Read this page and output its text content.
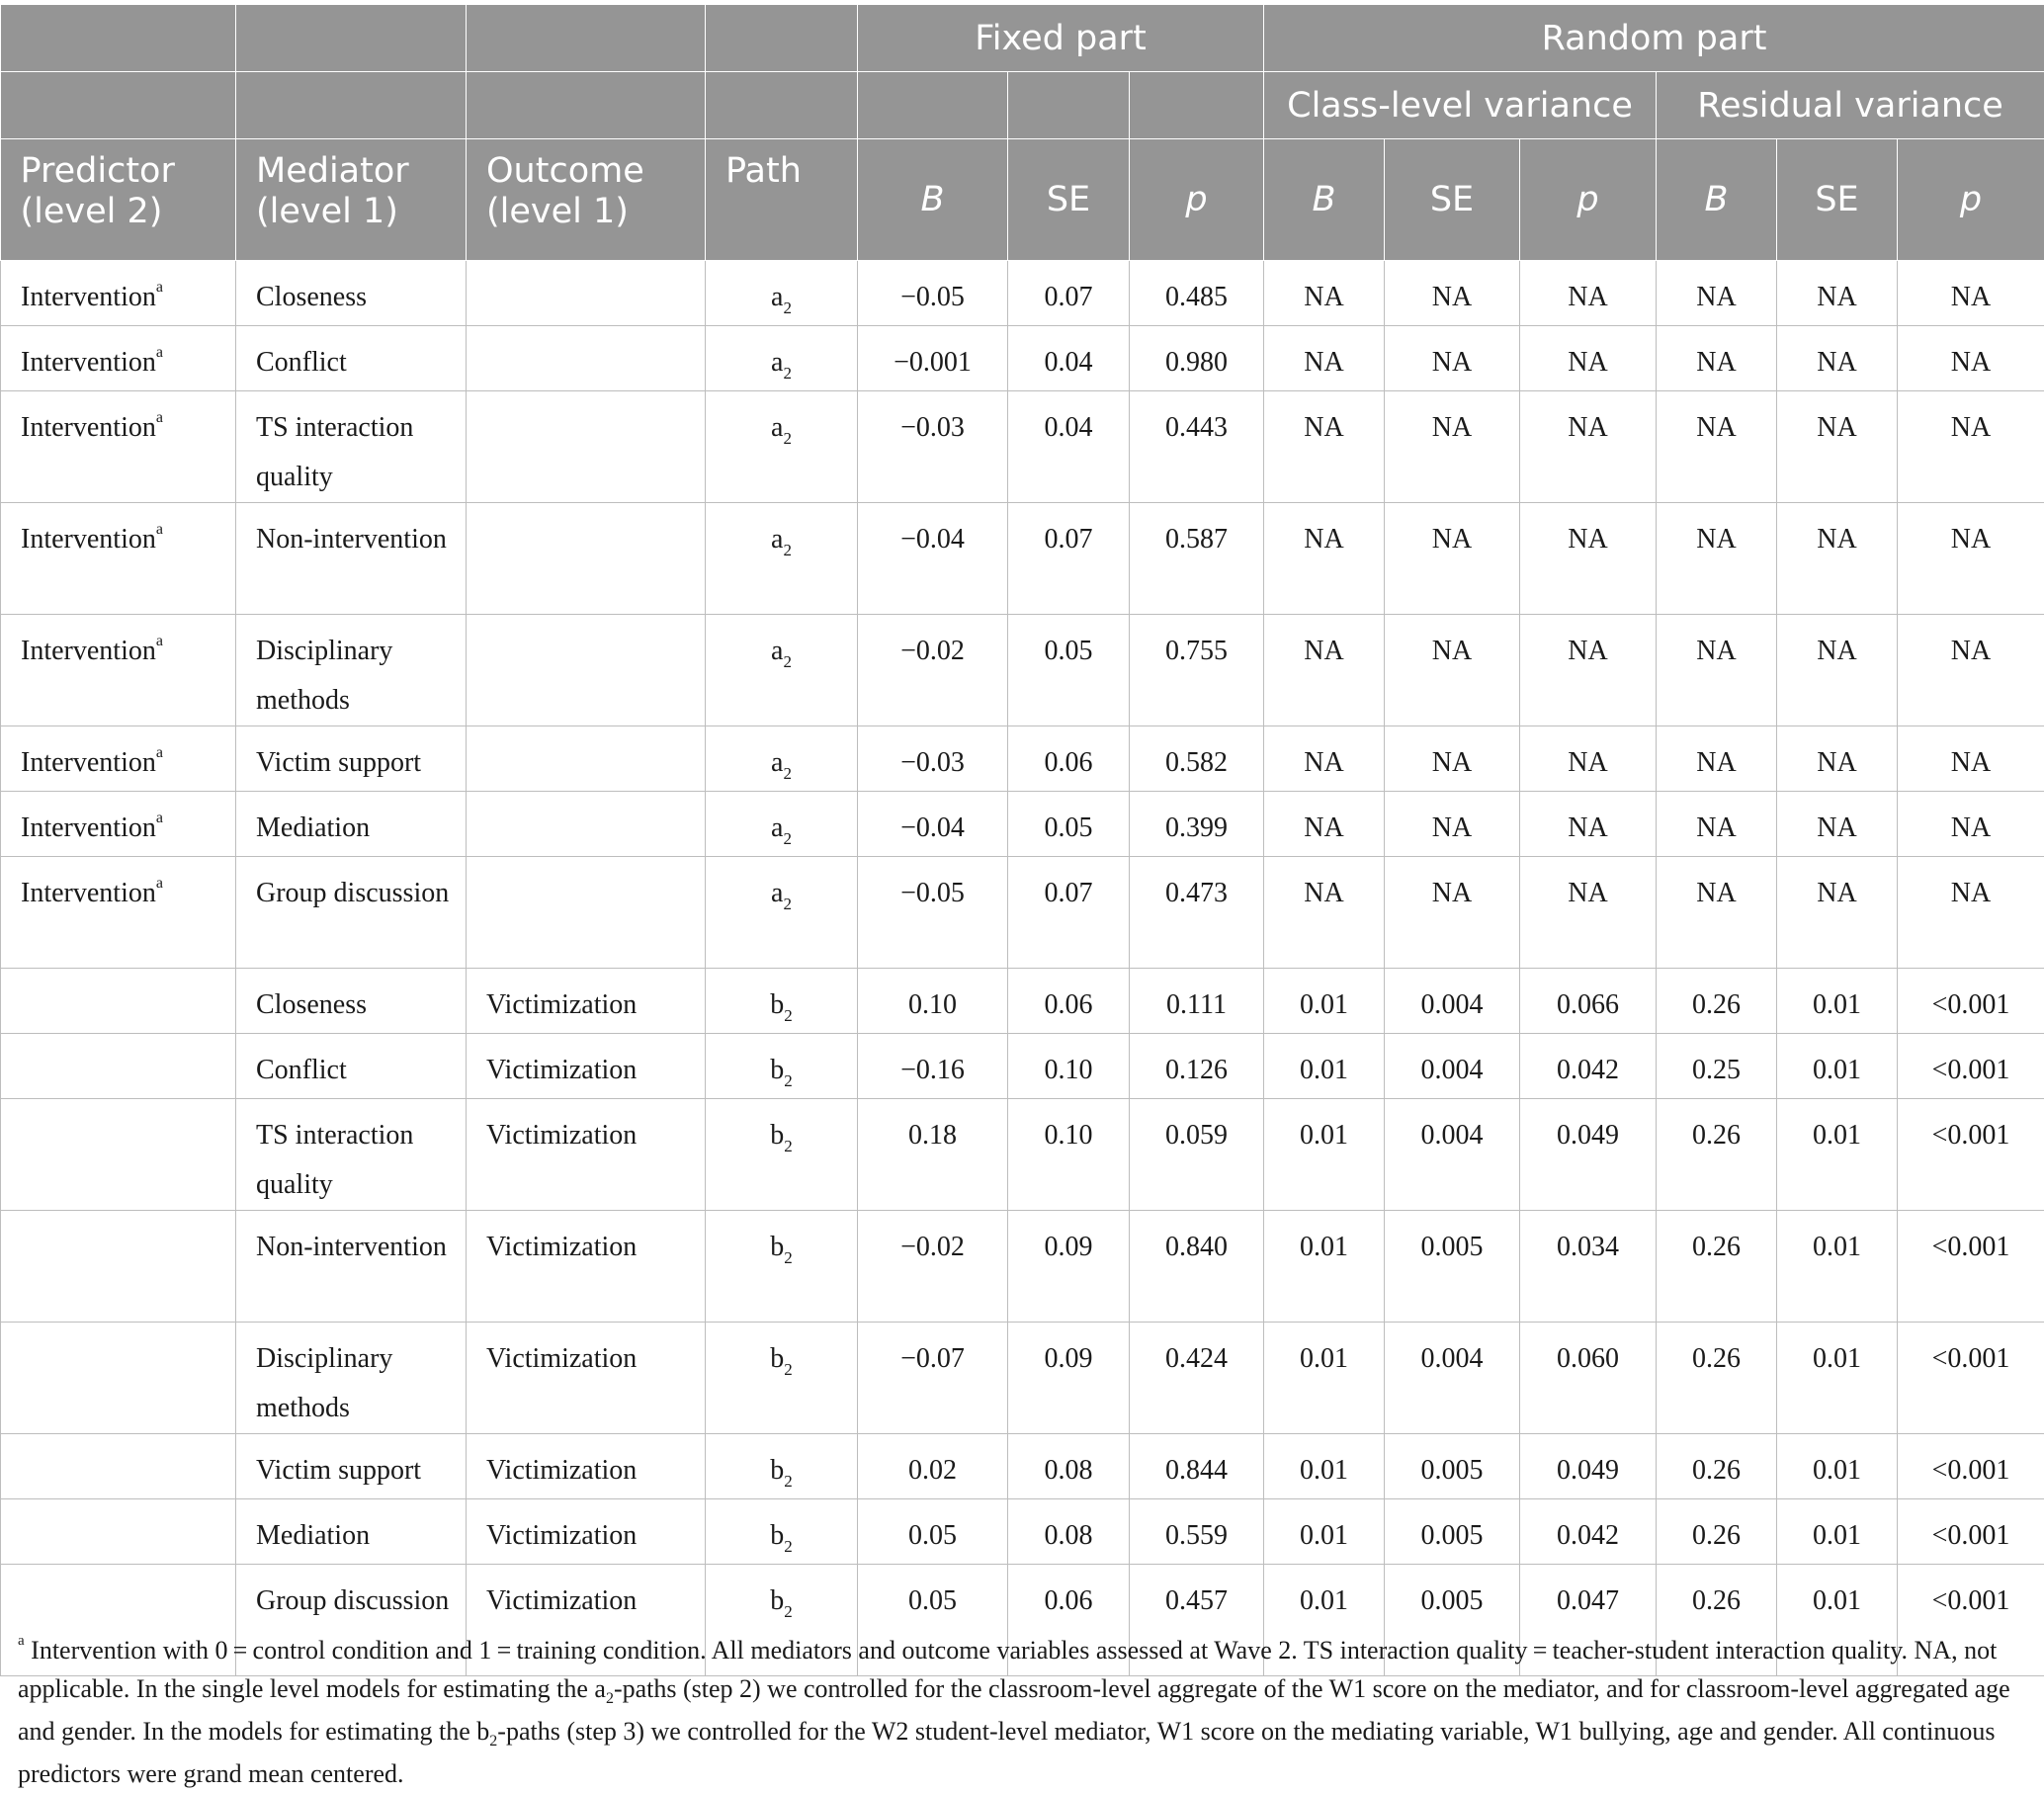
				Fixed part			Random part					
							Class-level variance			Residual variance		
Predictor (level 2)	Mediator (level 1)	Outcome (level 1)	Path	B	SE	p	B	SE	p	B	SE	p
Intervention$^a$	Closeness		$a_2$	−0.05	0.07	0.485	NA	NA	NA	NA	NA	NA
Intervention$^a$	Conflict		$a_2$	−0.001	0.04	0.980	NA	NA	NA	NA	NA	NA
Intervention$^a$	TS interaction quality		$a_2$	−0.03	0.04	0.443	NA	NA	NA	NA	NA	NA
Intervention$^a$	Non-intervention		$a_2$	−0.04	0.07	0.587	NA	NA	NA	NA	NA	NA
Intervention$^a$	Disciplinary methods		$a_2$	−0.02	0.05	0.755	NA	NA	NA	NA	NA	NA
Intervention$^a$	Victim support		$a_2$	−0.03	0.06	0.582	NA	NA	NA	NA	NA	NA
Intervention$^a$	Mediation		$a_2$	−0.04	0.05	0.399	NA	NA	NA	NA	NA	NA
Intervention$^a$	Group discussion		$a_2$	−0.05	0.07	0.473	NA	NA	NA	NA	NA	NA
	Closeness	Victimization	$b_2$	0.10	0.06	0.111	0.01	0.004	0.066	0.26	0.01	<0.001
	Conflict	Victimization	$b_2$	−0.16	0.10	0.126	0.01	0.004	0.042	0.25	0.01	<0.001
	TS interaction quality	Victimization	$b_2$	0.18	0.10	0.059	0.01	0.004	0.049	0.26	0.01	<0.001
	Non-intervention	Victimization	$b_2$	−0.02	0.09	0.840	0.01	0.005	0.034	0.26	0.01	<0.001
	Disciplinary methods	Victimization	$b_2$	−0.07	0.09	0.424	0.01	0.004	0.060	0.26	0.01	<0.001
	Victim support	Victimization	$b_2$	0.02	0.08	0.844	0.01	0.005	0.049	0.26	0.01	<0.001
	Mediation	Victimization	$b_2$	0.05	0.08	0.559	0.01	0.005	0.042	0.26	0.01	<0.001
	Group discussion	Victimization	$b_2$	0.05	0.06	0.457	0.01	0.005	0.047	0.26	0.01	<0.001
$^a$ Intervention with 0 = control condition and 1 = training condition. All mediators and outcome variables assessed at Wave 2. TS interaction quality = teacher-student interaction quality. NA, not applicable. In the single level models for estimating the $a_2$-paths (step 2) we controlled for the classroom-level aggregate of the W1 score on the mediator, and for classroom-level aggregated age and gender. In the models for estimating the $b_2$-paths (step 3) we controlled for the W2 student-level mediator, W1 score on the mediating variable, W1 bullying, age and gender. All continuous predictors were grand mean centered.
